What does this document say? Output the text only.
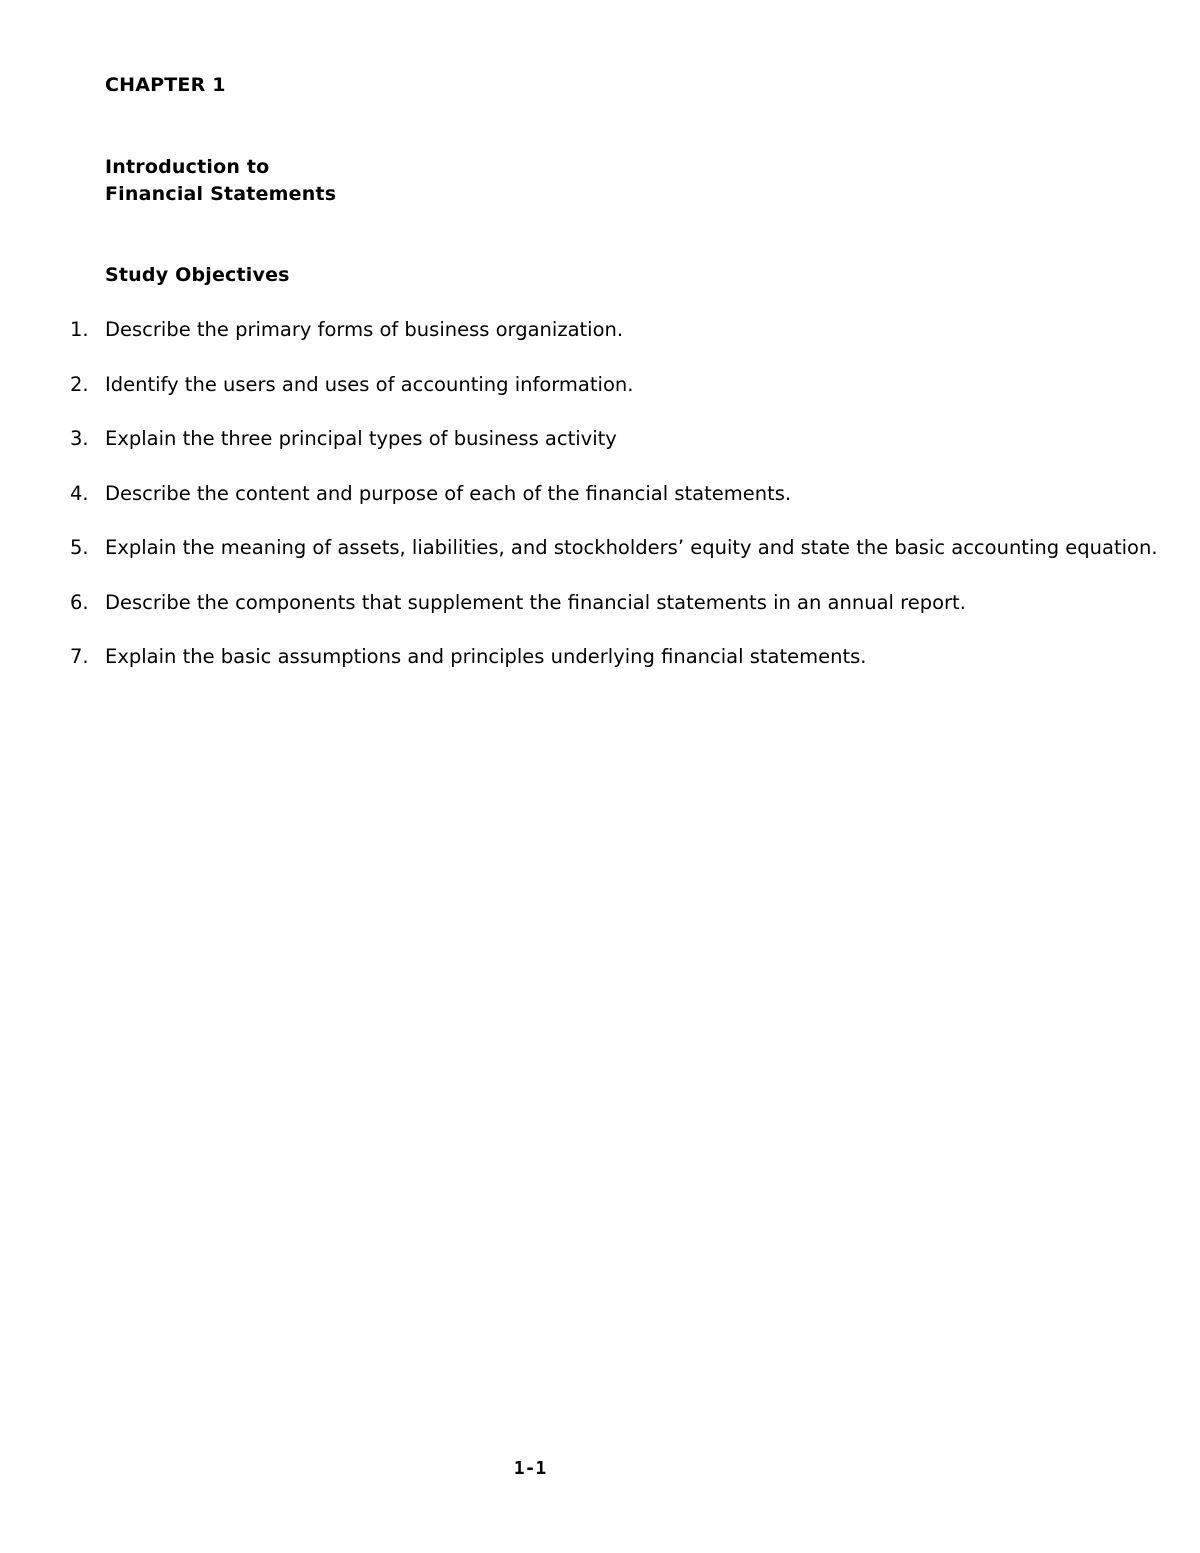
CHAPTER 1
Introduction to
Financial Statements
Study Objectives
1. Describe the primary forms of business organization.
2. Identify the users and uses of accounting information.
3. Explain the three principal types of business activity
4. Describe the content and purpose of each of the financial statements.
5. Explain the meaning of assets, liabilities, and stockholders’ equity and state the basic accounting equation.
6. Describe the components that supplement the financial statements in an annual report.
7. Explain the basic assumptions and principles underlying financial statements.
1-1
